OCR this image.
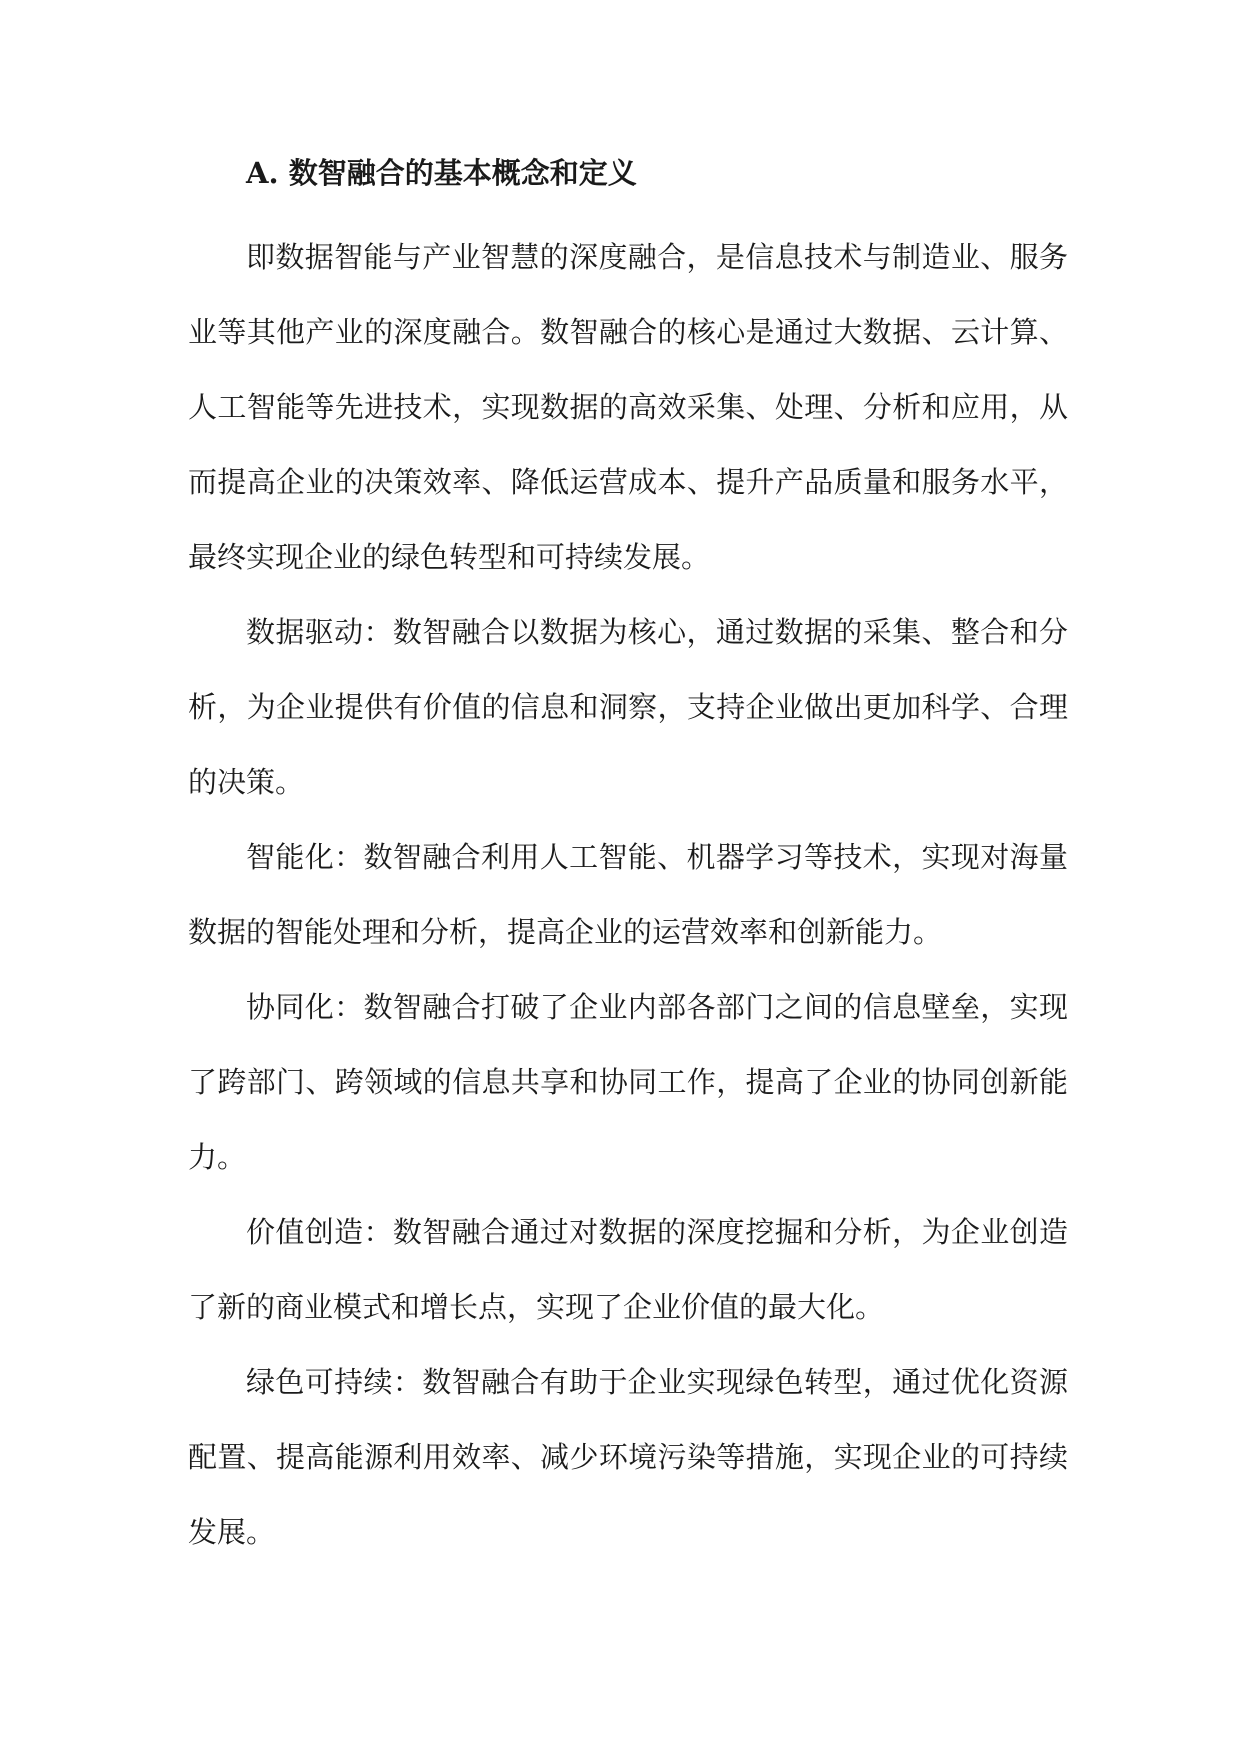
A. 数智融合的基本概念和定义

即数据智能与产业智慧的深度融合，是信息技术与制造业、服务业等其他产业的深度融合。数智融合的核心是通过大数据、云计算、人工智能等先进技术，实现数据的高效采集、处理、分析和应用，从而提高企业的决策效率、降低运营成本、提升产品质量和服务水平，最终实现企业的绿色转型和可持续发展。

数据驱动：数智融合以数据为核心，通过数据的采集、整合和分析，为企业提供有价值的信息和洞察，支持企业做出更加科学、合理的决策。

智能化：数智融合利用人工智能、机器学习等技术，实现对海量数据的智能处理和分析，提高企业的运营效率和创新能力。

协同化：数智融合打破了企业内部各部门之间的信息壁垒，实现了跨部门、跨领域的信息共享和协同工作，提高了企业的协同创新能力。

价值创造：数智融合通过对数据的深度挖掘和分析，为企业创造了新的商业模式和增长点，实现了企业价值的最大化。

绿色可持续：数智融合有助于企业实现绿色转型，通过优化资源配置、提高能源利用效率、减少环境污染等措施，实现企业的可持续发展。
